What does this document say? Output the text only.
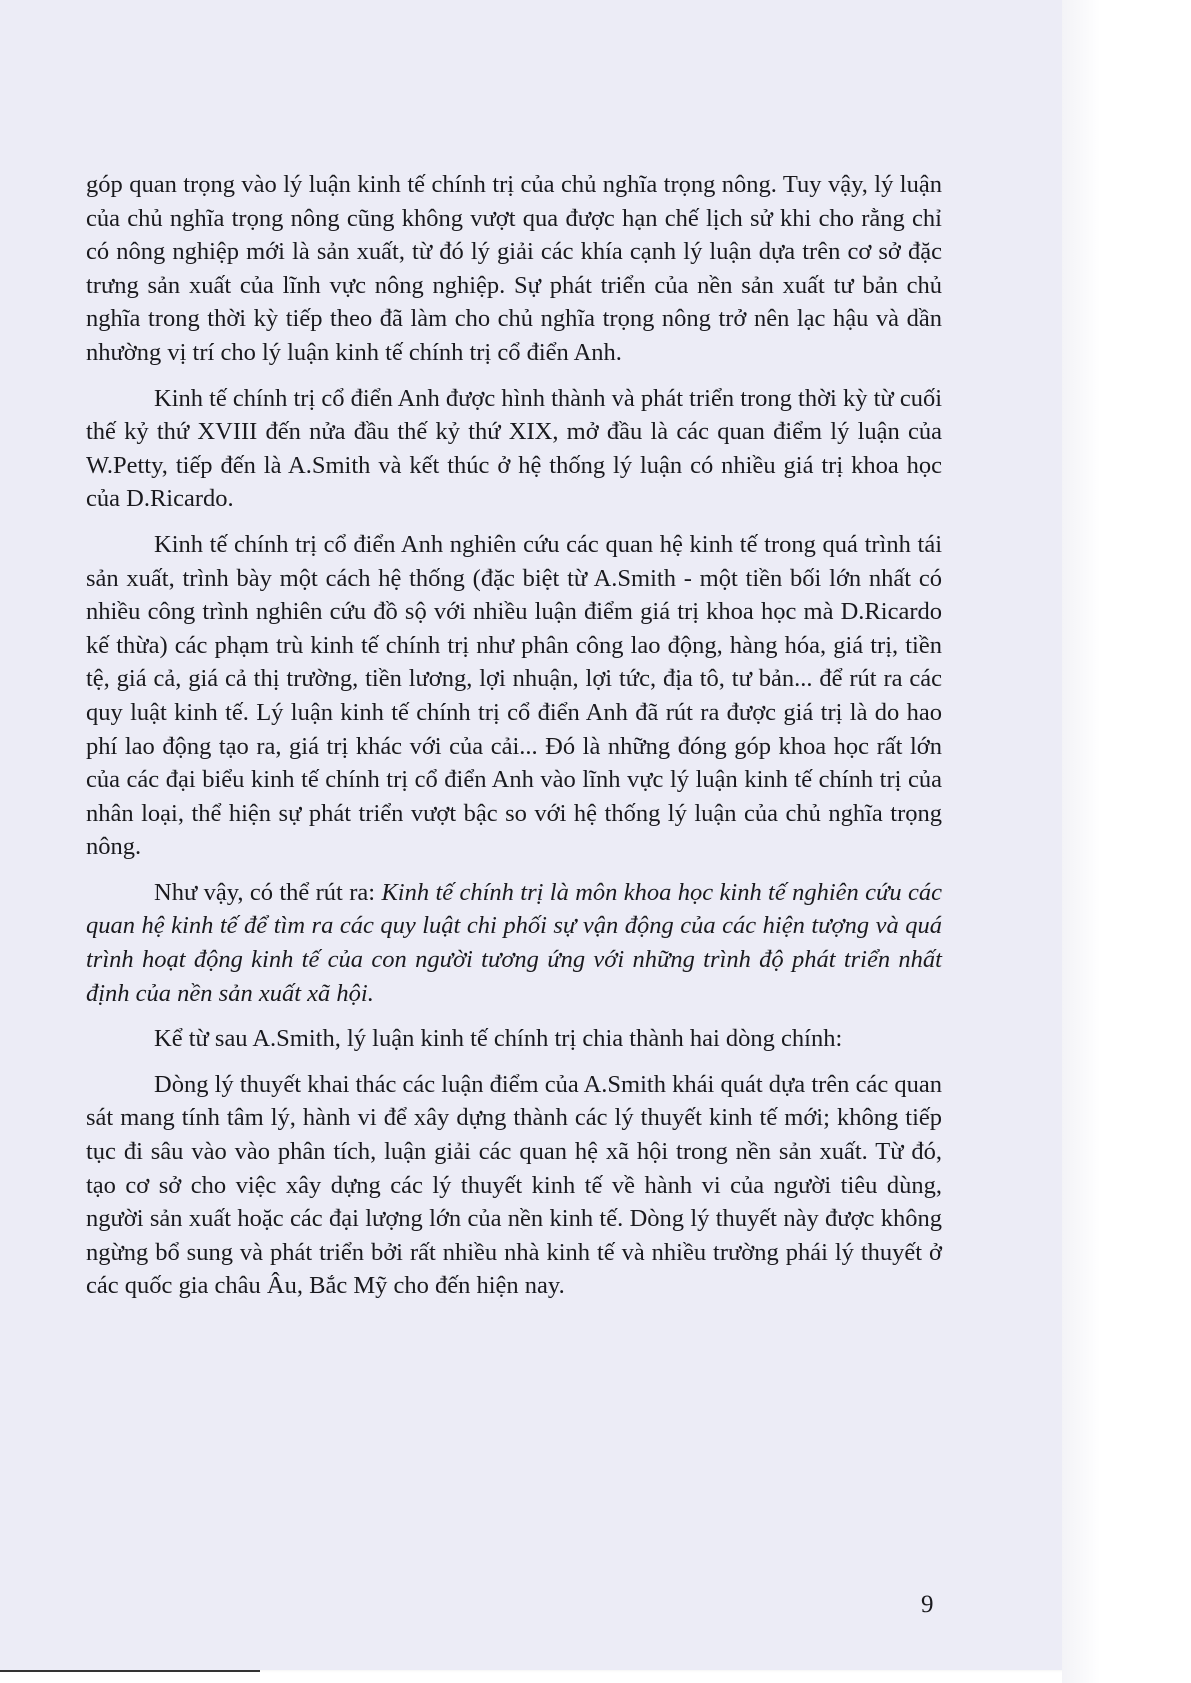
góp quan trọng vào lý luận kinh tế chính trị của chủ nghĩa trọng nông. Tuy vậy, lý luận của chủ nghĩa trọng nông cũng không vượt qua được hạn chế lịch sử khi cho rằng chỉ có nông nghiệp mới là sản xuất, từ đó lý giải các khía cạnh lý luận dựa trên cơ sở đặc trưng sản xuất của lĩnh vực nông nghiệp. Sự phát triển của nền sản xuất tư bản chủ nghĩa trong thời kỳ tiếp theo đã làm cho chủ nghĩa trọng nông trở nên lạc hậu và dần nhường vị trí cho lý luận kinh tế chính trị cổ điển Anh.

Kinh tế chính trị cổ điển Anh được hình thành và phát triển trong thời kỳ từ cuối thế kỷ thứ XVIII đến nửa đầu thế kỷ thứ XIX, mở đầu là các quan điểm lý luận của W.Petty, tiếp đến là A.Smith và kết thúc ở hệ thống lý luận có nhiều giá trị khoa học của D.Ricardo.

Kinh tế chính trị cổ điển Anh nghiên cứu các quan hệ kinh tế trong quá trình tái sản xuất, trình bày một cách hệ thống (đặc biệt từ A.Smith - một tiền bối lớn nhất có nhiều công trình nghiên cứu đồ sộ với nhiều luận điểm giá trị khoa học mà D.Ricardo kế thừa) các phạm trù kinh tế chính trị như phân công lao động, hàng hóa, giá trị, tiền tệ, giá cả, giá cả thị trường, tiền lương, lợi nhuận, lợi tức, địa tô, tư bản... để rút ra các quy luật kinh tế. Lý luận kinh tế chính trị cổ điển Anh đã rút ra được giá trị là do hao phí lao động tạo ra, giá trị khác với của cải... Đó là những đóng góp khoa học rất lớn của các đại biểu kinh tế chính trị cổ điển Anh vào lĩnh vực lý luận kinh tế chính trị của nhân loại, thể hiện sự phát triển vượt bậc so với hệ thống lý luận của chủ nghĩa trọng nông.

Như vậy, có thể rút ra: Kinh tế chính trị là môn khoa học kinh tế nghiên cứu các quan hệ kinh tế để tìm ra các quy luật chi phối sự vận động của các hiện tượng và quá trình hoạt động kinh tế của con người tương ứng với những trình độ phát triển nhất định của nền sản xuất xã hội.

Kể từ sau A.Smith, lý luận kinh tế chính trị chia thành hai dòng chính:

Dòng lý thuyết khai thác các luận điểm của A.Smith khái quát dựa trên các quan sát mang tính tâm lý, hành vi để xây dựng thành các lý thuyết kinh tế mới; không tiếp tục đi sâu vào vào phân tích, luận giải các quan hệ xã hội trong nền sản xuất. Từ đó, tạo cơ sở cho việc xây dựng các lý thuyết kinh tế về hành vi của người tiêu dùng, người sản xuất hoặc các đại lượng lớn của nền kinh tế. Dòng lý thuyết này được không ngừng bổ sung và phát triển bởi rất nhiều nhà kinh tế và nhiều trường phái lý thuyết ở các quốc gia châu Âu, Bắc Mỹ cho đến hiện nay.

9
